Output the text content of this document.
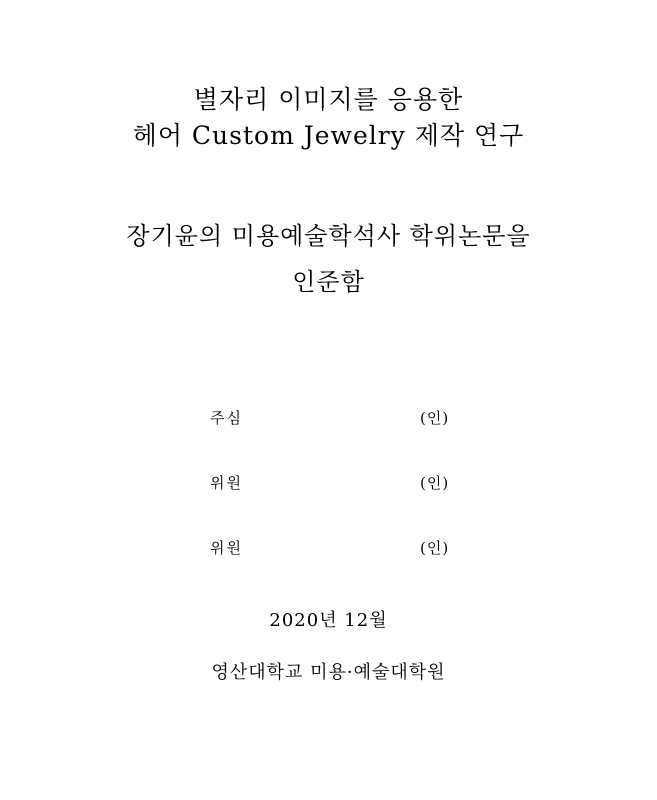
별자리 이미지를 응용한
헤어 Custom Jewelry 제작 연구
장기윤의 미용예술학석사 학위논문을
인준함
주심	(인)
위원	(인)
위원	(인)
2020년 12월
영산대학교 미용·예술대학원
